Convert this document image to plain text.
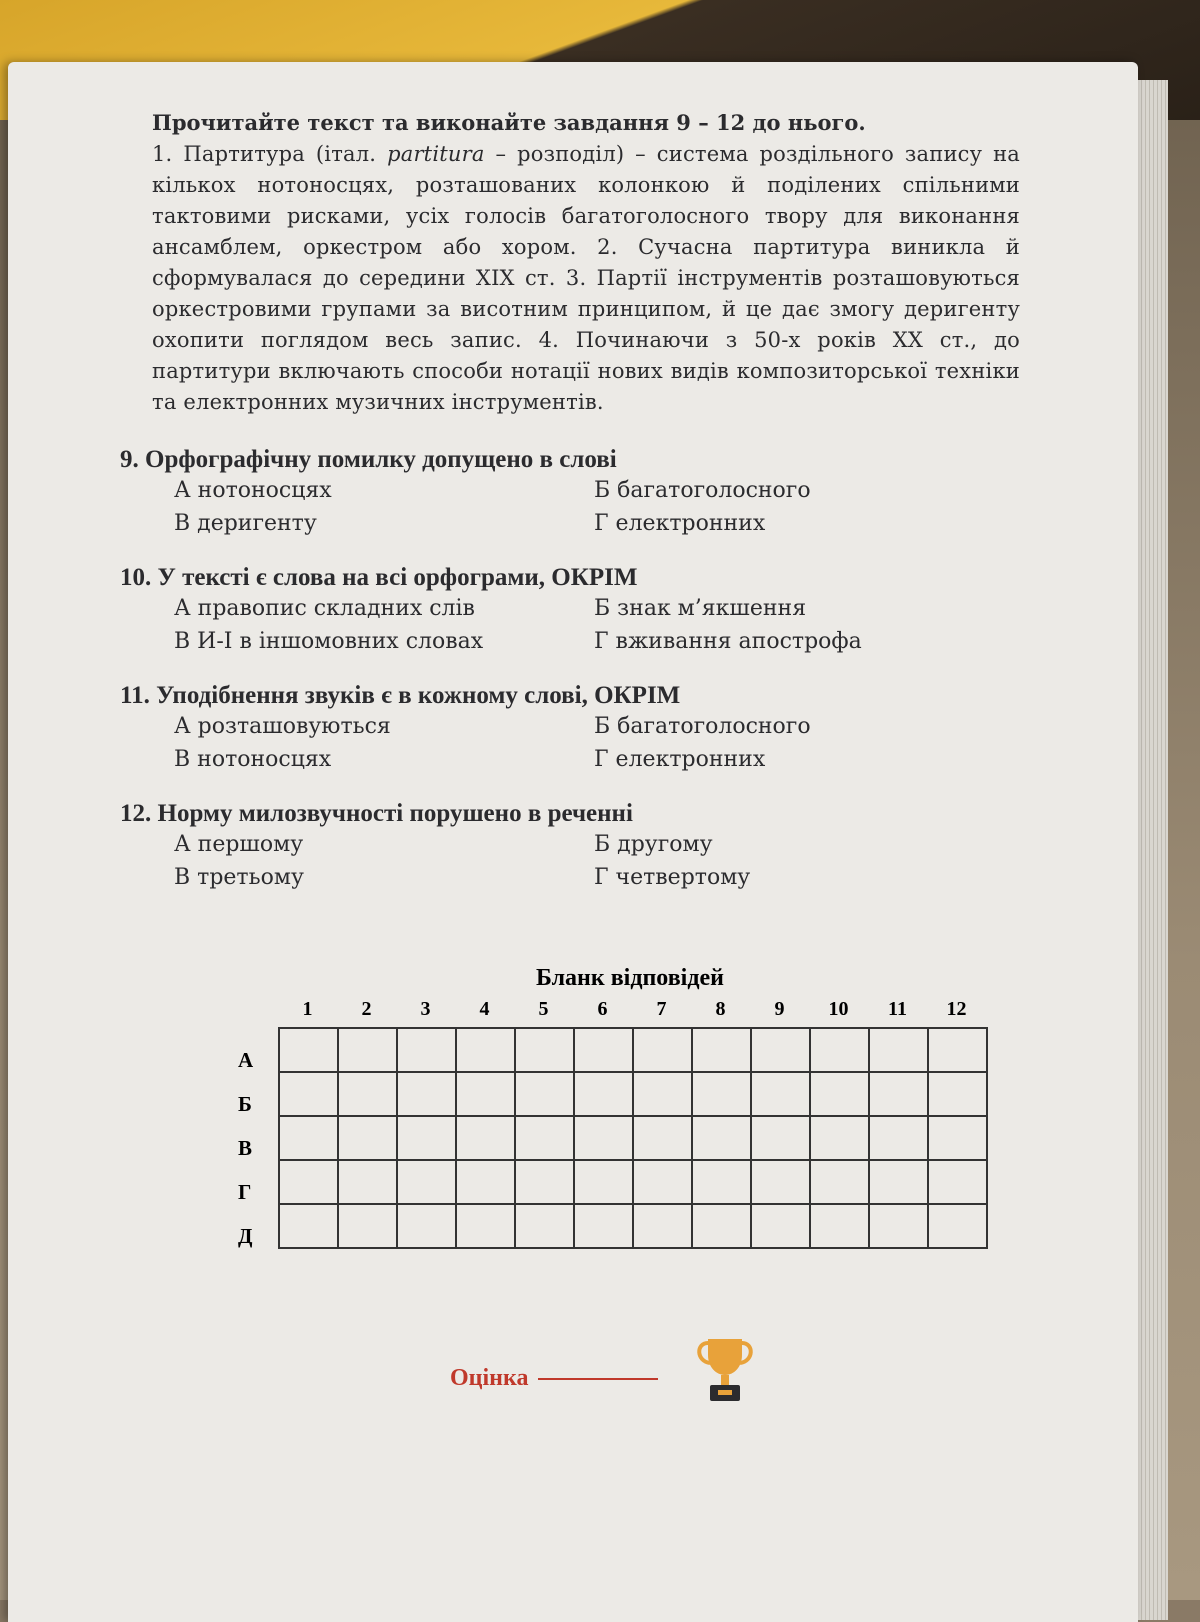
Прочитайте текст та виконайте завдання 9 – 12 до нього.

1. Партитура (італ. partitura – розподіл) – система роздільного запису на кількох нотоносцях, розташованих колонкою й поділених спільними тактовими рисками, усіх голосів багатоголосного твору для виконання ансамблем, оркестром або хором. 2. Сучасна партитура виникла й сформувалася до середини XIX ст. 3. Партії інструментів розташовуються оркестровими групами за висотним принципом, й це дає змогу деригенту охопити поглядом весь запис. 4. Починаючи з 50-х років XX ст., до партитури включають способи нотації нових видів композиторської техніки та електронних музичних інструментів.

9. Орфографічну помилку допущено в слові

А нотоносцях	Б багатоголосного
В деригенту	Г електронних

10. У тексті є слова на всі орфограми, ОКРІМ

А правопис складних слів	Б знак м’якшення
В И-І в іншомовних словах	Г вживання апострофа

11. Уподібнення звуків є в кожному слові, ОКРІМ

А розташовуються	Б багатоголосного
В нотоносцях	Г електронних

12. Норму милозвучності порушено в реченні

А першому	Б другому
В третьому	Г четвертому

Бланк відповідей

1	2	3	4	5	6	7	8	9	10	11	12
А
Б
В
Г
Д

Оцінка
